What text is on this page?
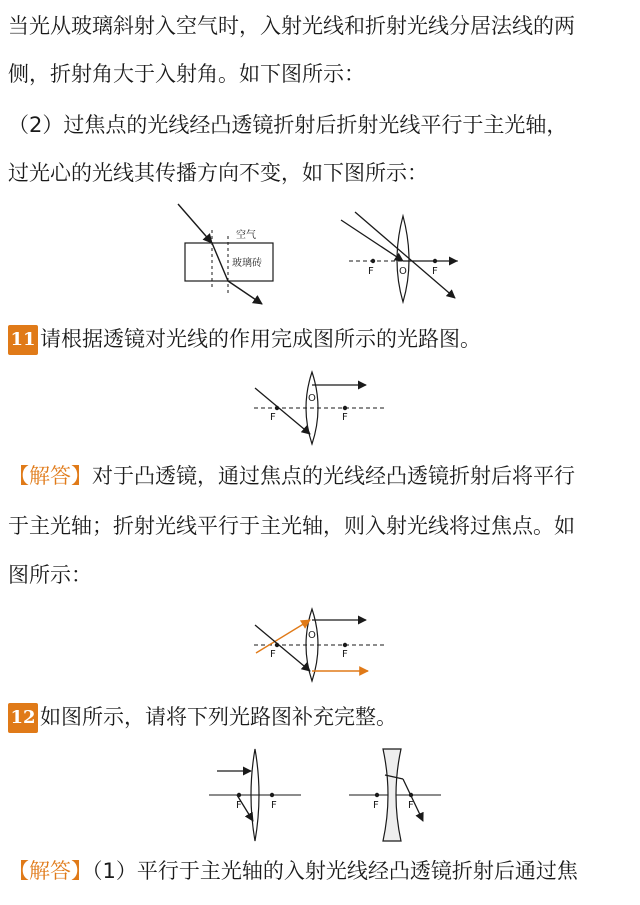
当光从玻璃斜射入空气时，入射光线和折射光线分居法线的两
侧，折射角大于入射角。如下图所示：
（2）过焦点的光线经凸透镜折射后折射光线平行于主光轴，
过光心的光线其传播方向不变，如下图所示：
空气
玻璃砖
F	F
O
11 请根据透镜对光线的作用完成图所示的光路图。
F	F
O
【解答】对于凸透镜，通过焦点的光线经凸透镜折射后将平行
于主光轴；折射光线平行于主光轴，则入射光线将过焦点。如
图所示：
F	F
O
12 如图所示，请将下列光路图补充完整。
F	F	F	F
【解答】（1）平行于主光轴的入射光线经凸透镜折射后通过焦
